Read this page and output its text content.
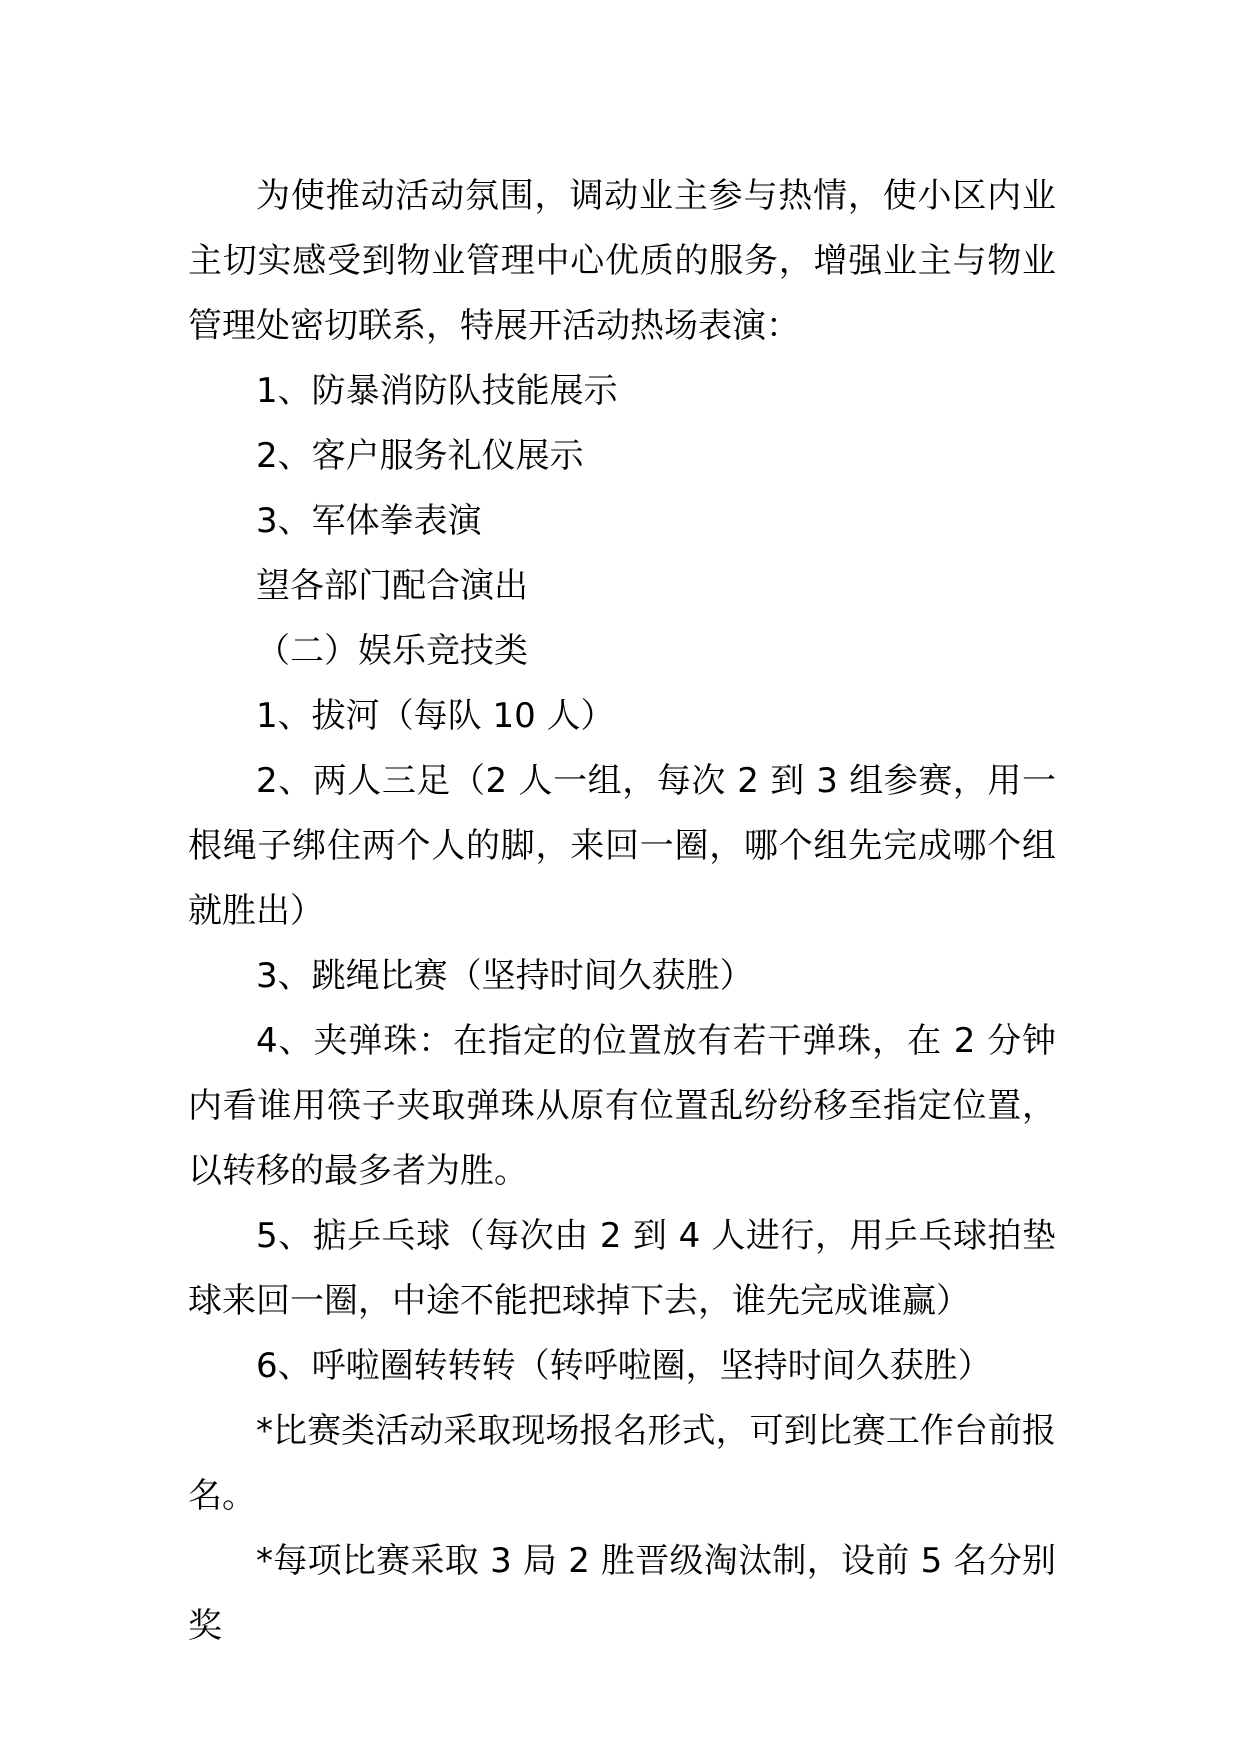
为使推动活动氛围，调动业主参与热情，使小区内业主切实感受到物业管理中心优质的服务，增强业主与物业管理处密切联系，特展开活动热场表演：

1、防暴消防队技能展示

2、客户服务礼仪展示

3、军体拳表演

望各部门配合演出

（二）娱乐竞技类

1、拔河（每队 10 人）

2、两人三足（2 人一组，每次 2 到 3 组参赛，用一根绳子绑住两个人的脚，来回一圈，哪个组先完成哪个组就胜出）

3、跳绳比赛（坚持时间久获胜）

4、夹弹珠：在指定的位置放有若干弹珠，在 2 分钟内看谁用筷子夹取弹珠从原有位置乱纷纷移至指定位置，以转移的最多者为胜。

5、掂乒乓球（每次由 2 到 4 人进行，用乒乓球拍垫球来回一圈，中途不能把球掉下去，谁先完成谁赢）

6、呼啦圈转转转（转呼啦圈，坚持时间久获胜）

*比赛类活动采取现场报名形式，可到比赛工作台前报名。

*每项比赛采取 3 局 2 胜晋级淘汰制，设前 5 名分别奖
